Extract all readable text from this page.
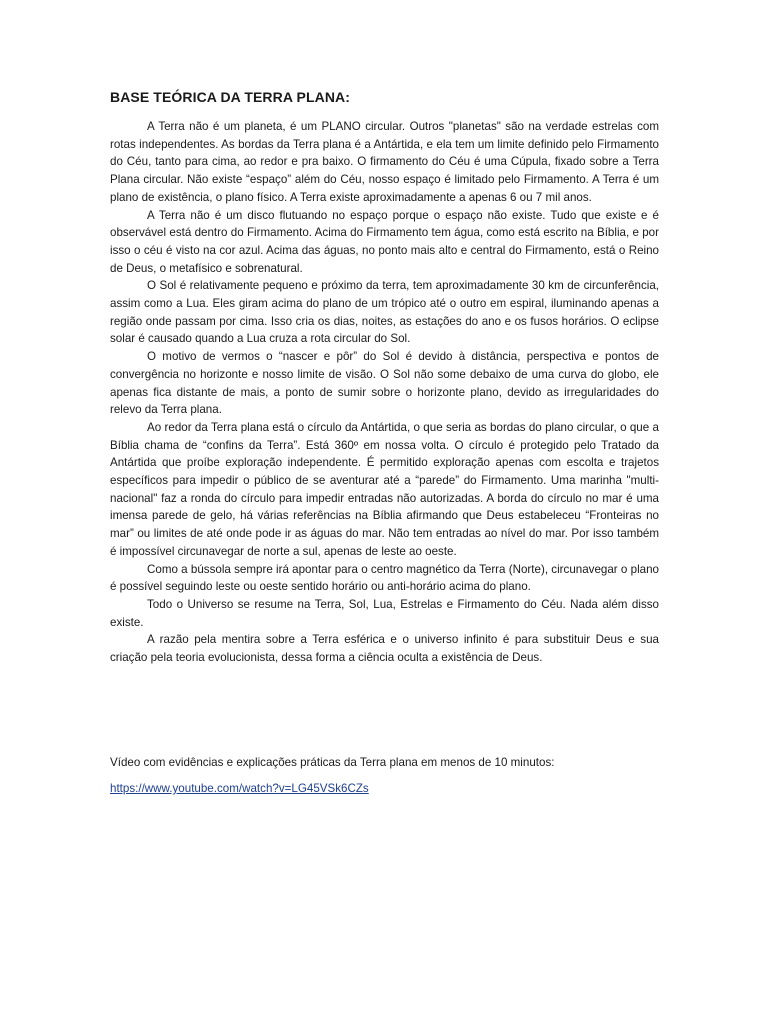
BASE TEÓRICA DA TERRA PLANA:

A Terra não é um planeta, é um PLANO circular. Outros "planetas" são na verdade estrelas com rotas independentes. As bordas da Terra plana é a Antártida, e ela tem um limite definido pelo Firmamento do Céu, tanto para cima, ao redor e pra baixo. O firmamento do Céu é uma Cúpula, fixado sobre a Terra Plana circular. Não existe “espaço” além do Céu, nosso espaço é limitado pelo Firmamento. A Terra é um plano de existência, o plano físico. A Terra existe aproximadamente a apenas 6 ou 7 mil anos.

A Terra não é um disco flutuando no espaço porque o espaço não existe. Tudo que existe e é observável está dentro do Firmamento. Acima do Firmamento tem água, como está escrito na Bíblia, e por isso o céu é visto na cor azul. Acima das águas, no ponto mais alto e central do Firmamento, está o Reino de Deus, o metafísico e sobrenatural.

O Sol é relativamente pequeno e próximo da terra, tem aproximadamente 30 km de circunferência, assim como a Lua. Eles giram acima do plano de um trópico até o outro em espiral, iluminando apenas a região onde passam por cima. Isso cria os dias, noites, as estações do ano e os fusos horários. O eclipse solar é causado quando a Lua cruza a rota circular do Sol.

O motivo de vermos o “nascer e pôr” do Sol é devido à distância, perspectiva e pontos de convergência no horizonte e nosso limite de visão. O Sol não some debaixo de uma curva do globo, ele apenas fica distante de mais, a ponto de sumir sobre o horizonte plano, devido as irregularidades do relevo da Terra plana.

Ao redor da Terra plana está o círculo da Antártida, o que seria as bordas do plano circular, o que a Bíblia chama de “confins da Terra”. Está 360º em nossa volta. O círculo é protegido pelo Tratado da Antártida que proíbe exploração independente. É permitido exploração apenas com escolta e trajetos específicos para impedir o público de se aventurar até a “parede” do Firmamento. Uma marinha "multi-nacional" faz a ronda do círculo para impedir entradas não autorizadas. A borda do círculo no mar é uma imensa parede de gelo, há várias referências na Bíblia afirmando que Deus estabeleceu “Fronteiras no mar” ou limites de até onde pode ir as águas do mar. Não tem entradas ao nível do mar. Por isso também é impossível circunavegar de norte a sul, apenas de leste ao oeste.

Como a bússola sempre irá apontar para o centro magnético da Terra (Norte), circunavegar o plano é possível seguindo leste ou oeste sentido horário ou anti-horário acima do plano.

Todo o Universo se resume na Terra, Sol, Lua, Estrelas e Firmamento do Céu. Nada além disso existe.

A razão pela mentira sobre a Terra esférica e o universo infinito é para substituir Deus e sua criação pela teoria evolucionista, dessa forma a ciência oculta a existência de Deus.

Vídeo com evidências e explicações práticas da Terra plana em menos de 10 minutos:

https://www.youtube.com/watch?v=LG45VSk6CZs
